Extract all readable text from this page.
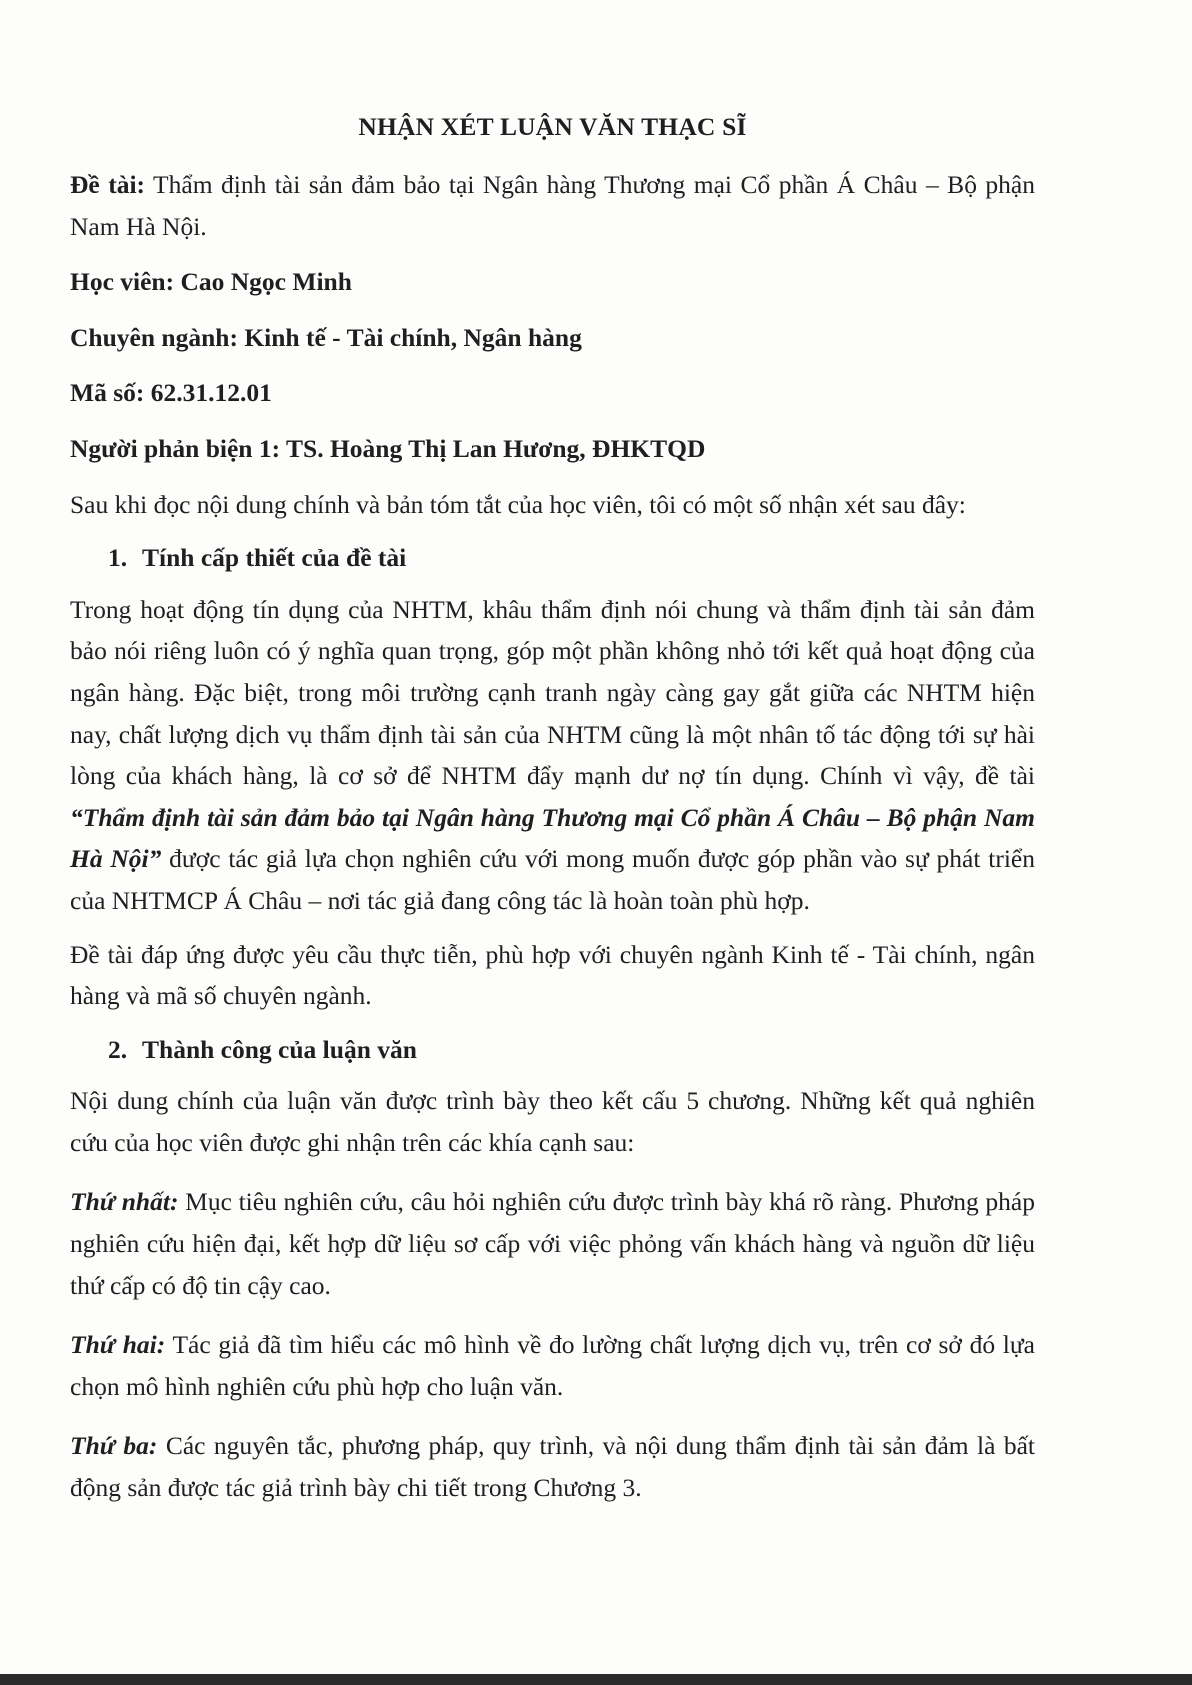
NHẬN XÉT LUẬN VĂN THẠC SĨ

Đề tài: Thẩm định tài sản đảm bảo tại Ngân hàng Thương mại Cổ phần Á Châu – Bộ phận Nam Hà Nội.

Học viên: Cao Ngọc Minh

Chuyên ngành: Kinh tế - Tài chính, Ngân hàng

Mã số: 62.31.12.01

Người phản biện 1: TS. Hoàng Thị Lan Hương, ĐHKTQD

Sau khi đọc nội dung chính và bản tóm tắt của học viên, tôi có một số nhận xét sau đây:

1. Tính cấp thiết của đề tài

Trong hoạt động tín dụng của NHTM, khâu thẩm định nói chung và thẩm định tài sản đảm bảo nói riêng luôn có ý nghĩa quan trọng, góp một phần không nhỏ tới kết quả hoạt động của ngân hàng. Đặc biệt, trong môi trường cạnh tranh ngày càng gay gắt giữa các NHTM hiện nay, chất lượng dịch vụ thẩm định tài sản của NHTM cũng là một nhân tố tác động tới sự hài lòng của khách hàng, là cơ sở để NHTM đẩy mạnh dư nợ tín dụng. Chính vì vậy, đề tài “Thẩm định tài sản đảm bảo tại Ngân hàng Thương mại Cổ phần Á Châu – Bộ phận Nam Hà Nội” được tác giả lựa chọn nghiên cứu với mong muốn được góp phần vào sự phát triển của NHTMCP Á Châu – nơi tác giả đang công tác là hoàn toàn phù hợp.

Đề tài đáp ứng được yêu cầu thực tiễn, phù hợp với chuyên ngành Kinh tế - Tài chính, ngân hàng và mã số chuyên ngành.

2. Thành công của luận văn

Nội dung chính của luận văn được trình bày theo kết cấu 5 chương. Những kết quả nghiên cứu của học viên được ghi nhận trên các khía cạnh sau:

Thứ nhất: Mục tiêu nghiên cứu, câu hỏi nghiên cứu được trình bày khá rõ ràng. Phương pháp nghiên cứu hiện đại, kết hợp dữ liệu sơ cấp với việc phỏng vấn khách hàng và nguồn dữ liệu thứ cấp có độ tin cậy cao.

Thứ hai: Tác giả đã tìm hiểu các mô hình về đo lường chất lượng dịch vụ, trên cơ sở đó lựa chọn mô hình nghiên cứu phù hợp cho luận văn.

Thứ ba: Các nguyên tắc, phương pháp, quy trình, và nội dung thẩm định tài sản đảm là bất động sản được tác giả trình bày chi tiết trong Chương 3.
